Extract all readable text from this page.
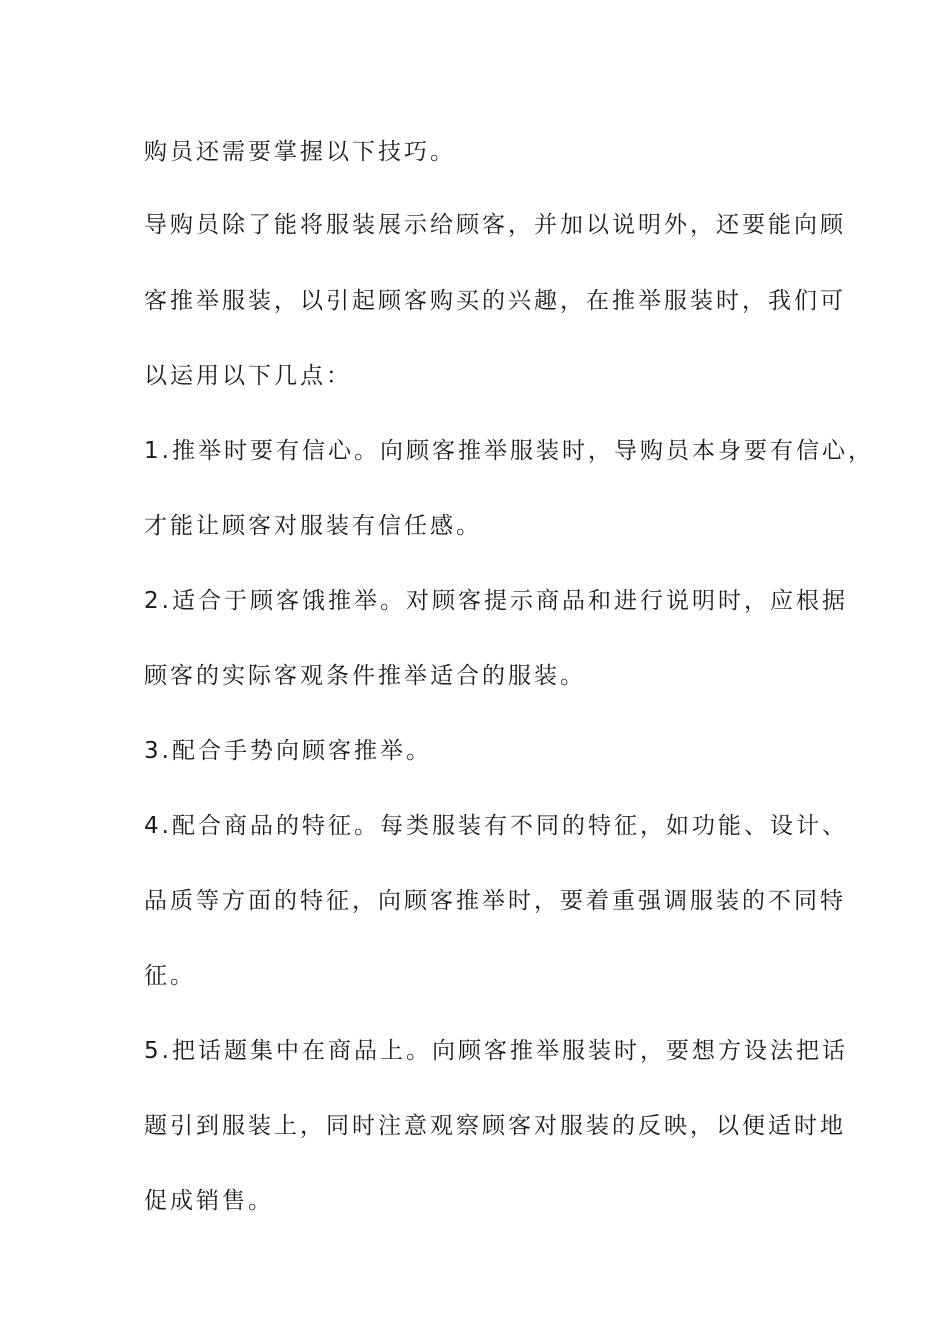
购员还需要掌握以下技巧。
导购员除了能将服装展示给顾客，并加以说明外，还要能向顾
客推举服装，以引起顾客购买的兴趣，在推举服装时，我们可
以运用以下几点：
1.推举时要有信心。向顾客推举服装时，导购员本身要有信心，
才能让顾客对服装有信任感。
2.适合于顾客饿推举。对顾客提示商品和进行说明时，应根据
顾客的实际客观条件推举适合的服装。
3.配合手势向顾客推举。
4.配合商品的特征。每类服装有不同的特征，如功能、设计、
品质等方面的特征，向顾客推举时，要着重强调服装的不同特
征。
5.把话题集中在商品上。向顾客推举服装时，要想方设法把话
题引到服装上，同时注意观察顾客对服装的反映，以便适时地
促成销售。
